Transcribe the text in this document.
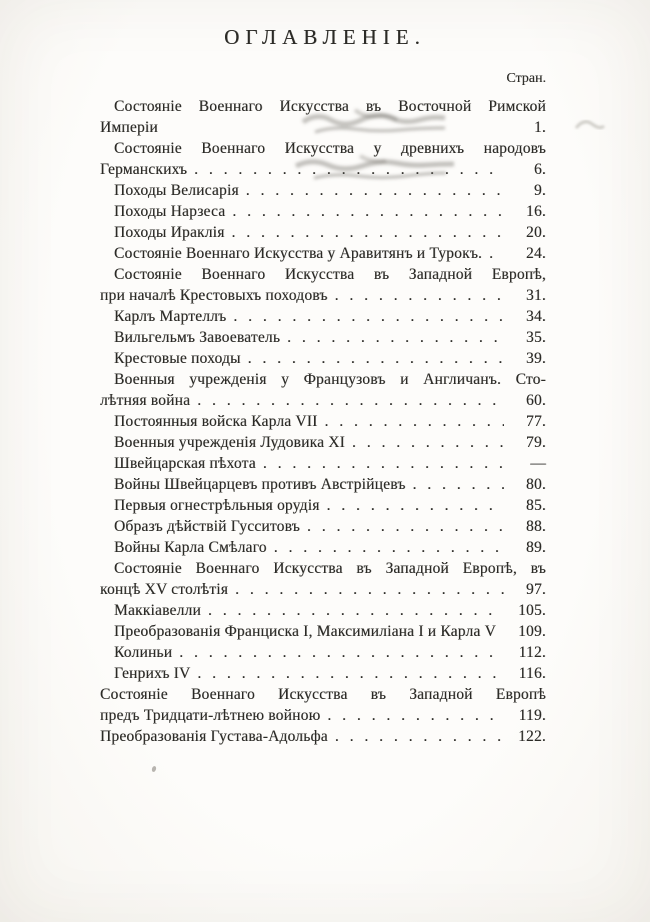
ОГЛАВЛЕНІЕ.
Стран.
Состояніе Военнаго Искусства въ Восточной Римской
Имперіи	1.
Состояніе Военнаго Искусства у древнихъ народовъ
Германскихъ . . .	6.
Походы Велисарія . . .	9.
Походы Нарзеса . . .	16.
Походы Ираклія . . .	20.
Состояніе Военнаго Искусства у Аравитянъ и Турокъ. . . .	24.
Состояніе Военнаго Искусства въ Западной Европѣ,
при началѣ Крестовыхъ походовъ . . .	31.
Карлъ Мартеллъ . . .	34.
Вильгельмъ Завоеватель . . .	35.
Крестовые походы . . .	39.
Военныя учрежденія у Французовъ и Англичанъ. Сто-
лѣтняя война . . .	60.
Постоянныя войска Карла VII . . .	77.
Военныя учрежденія Лудовика XI . . .	79.
Швейцарская пѣхота . . .	—
Войны Швейцарцевъ противъ Австрійцевъ . . .	80.
Первыя огнестрѣльныя орудія . . .	85.
Образъ дѣйствій Гусситовъ . . .	88.
Войны Карла Смѣлаго . . .	89.
Состояніе Военнаго Искусства въ Западной Европѣ, въ
концѣ XV столѣтія . . .	97.
Маккіавелли . . .	105.
Преобразованія Франциска I, Максимиліана I и Карла V	109.
Колиньи . . .	112.
Генрихъ IV . . .	116.
Состояніе Военнаго Искусства въ Западной Европѣ
предъ Тридцати-лѣтнею войною . . .	119.
Преобразованія Густава-Адольфа . . .	122.
